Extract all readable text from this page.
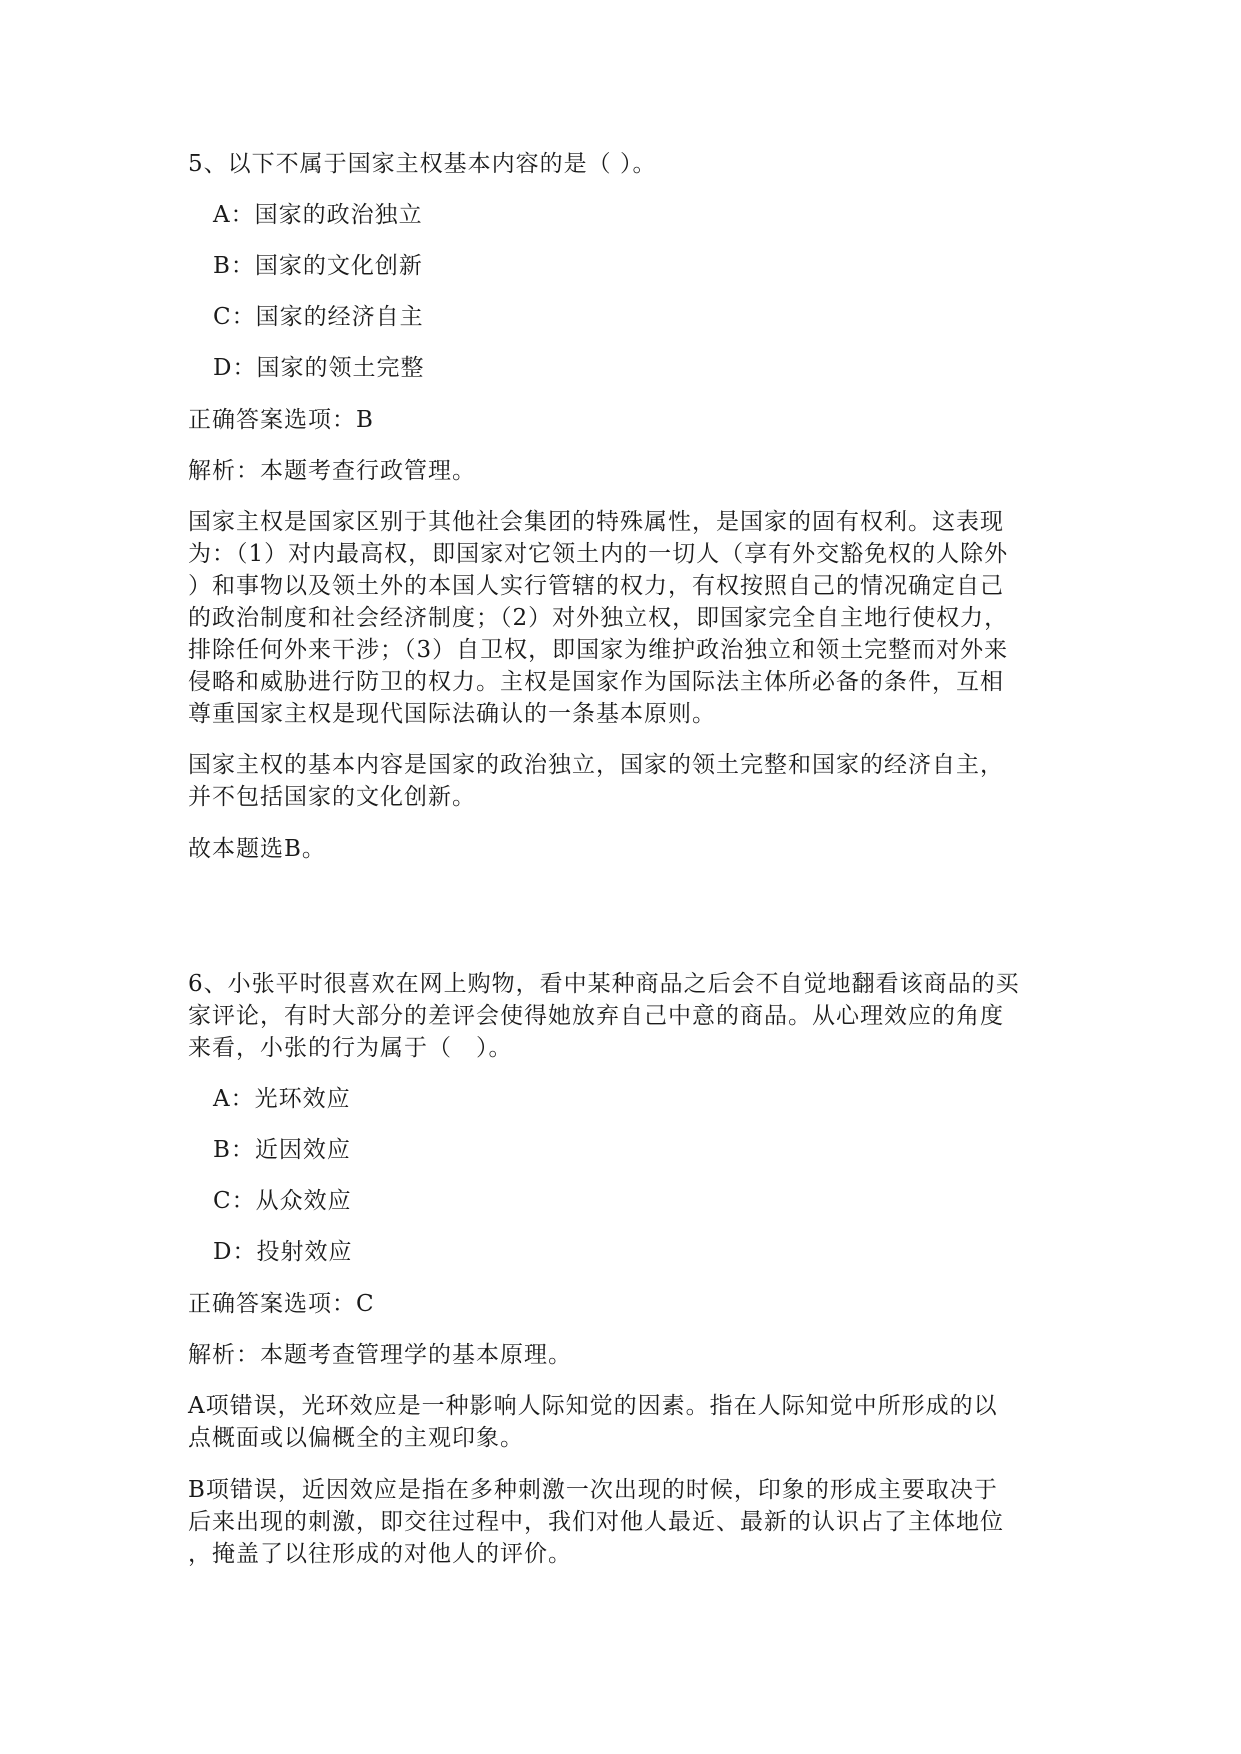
5、以下不属于国家主权基本内容的是（ ）。
A：国家的政治独立
B：国家的文化创新
C：国家的经济自主
D：国家的领土完整
正确答案选项：B
解析：本题考查行政管理。
国家主权是国家区别于其他社会集团的特殊属性，是国家的固有权利。这表现
为：（1）对内最高权，即国家对它领土内的一切人（享有外交豁免权的人除外
）和事物以及领土外的本国人实行管辖的权力，有权按照自己的情况确定自己
的政治制度和社会经济制度；（2）对外独立权，即国家完全自主地行使权力，
排除任何外来干涉；（3）自卫权，即国家为维护政治独立和领土完整而对外来
侵略和威胁进行防卫的权力。主权是国家作为国际法主体所必备的条件，互相
尊重国家主权是现代国际法确认的一条基本原则。
国家主权的基本内容是国家的政治独立，国家的领土完整和国家的经济自主，
并不包括国家的文化创新。
故本题选B。
6、小张平时很喜欢在网上购物，看中某种商品之后会不自觉地翻看该商品的买
家评论，有时大部分的差评会使得她放弃自己中意的商品。从心理效应的角度
来看，小张的行为属于（　）。
A：光环效应
B：近因效应
C：从众效应
D：投射效应
正确答案选项：C
解析：本题考查管理学的基本原理。
A项错误，光环效应是一种影响人际知觉的因素。指在人际知觉中所形成的以
点概面或以偏概全的主观印象。
B项错误，近因效应是指在多种刺激一次出现的时候，印象的形成主要取决于
后来出现的刺激，即交往过程中，我们对他人最近、最新的认识占了主体地位
，掩盖了以往形成的对他人的评价。
